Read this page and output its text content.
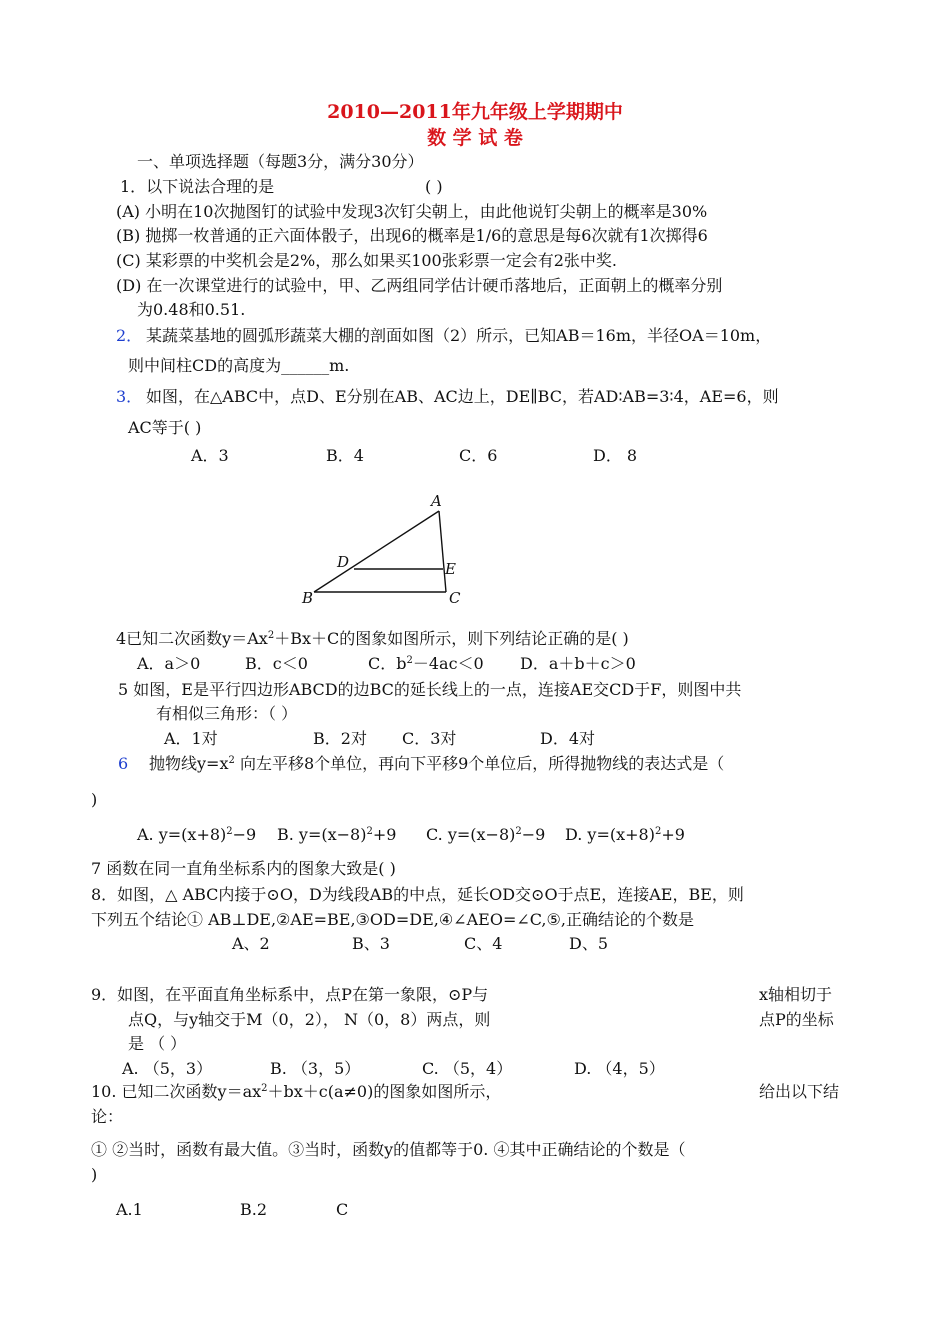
2010—2011年九年级上学期期中
数 学 试 卷
一、单项选择题（每题3分，满分30分）
1．以下说法合理的是	( )
(A) 小明在10次抛图钉的试验中发现3次钉尖朝上，由此他说钉尖朝上的概率是30%
(B) 抛掷一枚普通的正六面体骰子，出现6的概率是1/6的意思是每6次就有1次掷得6
(C) 某彩票的中奖机会是2%，那么如果买100张彩票一定会有2张中奖.
(D) 在一次课堂进行的试验中，甲、乙两组同学估计硬币落地后，正面朝上的概率分别
为0.48和0.51.
2． 某蔬菜基地的圆弧形蔬菜大棚的剖面如图（2）所示，已知AB＝16m，半径OA＝10m，
则中间柱CD的高度为______m.
3． 如图，在△ABC中，点D、E分别在AB、AC边上，DE∥BC，若AD∶AB=3∶4，AE=6，则
AC等于( )
A．3	B．4	C．6	D． 8
A
B	C
D	E
4已知二次函数$y=Ax^2+Bx+C$的图象如图所示，则下列结论正确的是( )
A．a＞0	B．c＜0	C．$b^2-4ac<0$ D．a＋b＋c＞0
5 如图，E是平行四边形ABCD的边BC的延长线上的一点，连接AE交CD于F，则图中共
有相似三角形：（ ）
A．1对	B．2对 C．3对	D．4对
6 抛物线$y=x^2$ 向左平移8个单位，再向下平移9个单位后，所得抛物线的表达式是（
)
A. $y=(x+8)^2-9$ B. $y=(x-8)^2+9$ C. $y=(x-8)^2-9$ D. $y=(x+8)^2+9$
7 函数在同一直角坐标系内的图象大致是( )
8．如图，△ ABC内接于⊙O，D为线段AB的中点，延长OD交⊙O于点E，连接AE，BE，则
下列五个结论① AB⊥DE,②AE=BE,③OD=DE,④∠AEO=∠C,⑤,正确结论的个数是
A、2	B、3	C、4	D、5
9．如图，在平面直角坐标系中，点P在第一象限，⊙P与	x轴相切于
点Q，与y轴交于M（0，2）， N（0，8）两点，则	点P的坐标
是 （ ）
A. （5，3）	B. （3，5）	C. （5，4）	D. （4，5）
10. 已知二次函数$y=ax^2+bx+c(a\ne 0)$的图象如图所示，	给出以下结
论：
① ②当时，函数有最大值。③当时，函数y的值都等于0. ④其中正确结论的个数是（
)
A.1	B.2	C
